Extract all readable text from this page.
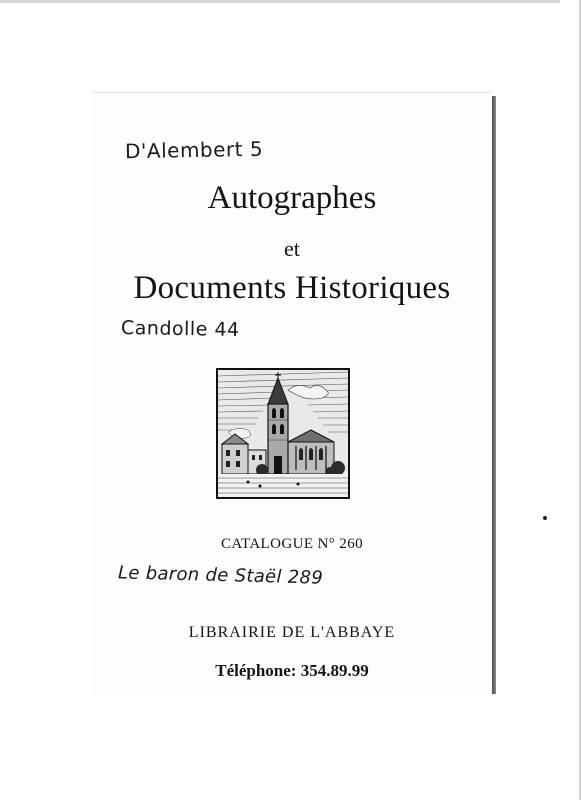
D'Alembert 5
Autographes
et
Documents Historiques
Candolle 44
CATALOGUE N° 260
Le baron de Staël 289
LIBRAIRIE DE L'ABBAYE
Téléphone: 354.89.99
